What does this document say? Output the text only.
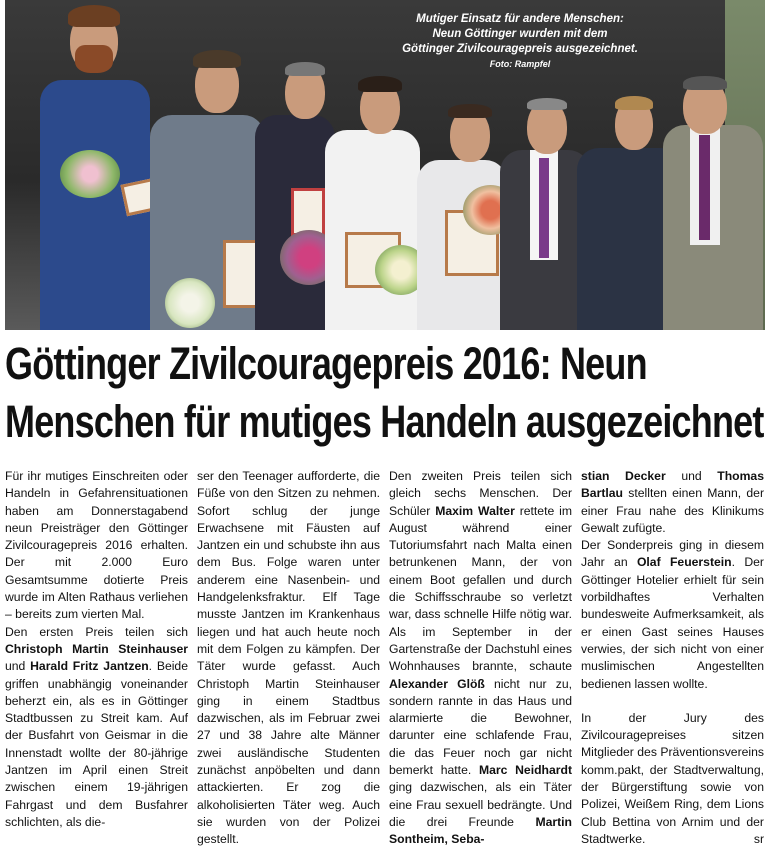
Mutiger Einsatz für andere Menschen:
Neun Göttinger wurden mit dem
Göttinger Zivilcouragepreis ausgezeichnet.
Foto: Rampfel
Göttinger Zivilcouragepreis 2016: Neun
Menschen für mutiges Handeln ausgezeichnet

Für ihr mutiges Einschreiten oder Handeln in Gefahrensituationen haben am Donnerstagabend neun Preisträger den Göttinger Zivilcouragepreis 2016 erhalten. Der mit 2.000 Euro Gesamtsumme dotierte Preis wurde im Alten Rathaus verliehen – bereits zum vierten Mal.

Den ersten Preis teilen sich Christoph Martin Steinhauser und Harald Fritz Jantzen. Beide griffen unabhängig voneinander beherzt ein, als es in Göttinger Stadtbussen zu Streit kam. Auf der Busfahrt von Geismar in die Innenstadt wollte der 80-jährige Jantzen im April einen Streit zwischen einem 19-jährigen Fahrgast und dem Busfahrer schlichten, als die-

ser den Teenager aufforderte, die Füße von den Sitzen zu nehmen. Sofort schlug der junge Erwachsene mit Fäusten auf Jantzen ein und schubste ihn aus dem Bus. Folge waren unter anderem eine Nasenbein- und Handgelenksfraktur. Elf Tage musste Jantzen im Krankenhaus liegen und hat auch heute noch mit dem Folgen zu kämpfen. Der Täter wurde gefasst. Auch Christoph Martin Steinhauser ging in einem Stadtbus dazwischen, als im Februar zwei 27 und 38 Jahre alte Männer zwei ausländische Studenten zunächst anpöbelten und dann attackierten. Er zog die alkoholisierten Täter weg. Auch sie wurden von der Polizei gestellt.

Den zweiten Preis teilen sich gleich sechs Menschen. Der Schüler Maxim Walter rettete im August während einer Tutoriumsfahrt nach Malta einen betrunkenen Mann, der von einem Boot gefallen und durch die Schiffsschraube so verletzt war, dass schnelle Hilfe nötig war. Als im September in der Gartenstraße der Dachstuhl eines Wohnhauses brannte, schaute Alexander Glöß nicht nur zu, sondern rannte in das Haus und alarmierte die Bewohner, darunter eine schlafende Frau, die das Feuer noch gar nicht bemerkt hatte. Marc Neidhardt ging dazwischen, als ein Täter eine Frau sexuell bedrängte. Und die drei Freunde Martin Sontheim, Seba-

stian Decker und Thomas Bartlau stellten einen Mann, der einer Frau nahe des Klinikums Gewalt zufügte.

Der Sonderpreis ging in diesem Jahr an Olaf Feuerstein. Der Göttinger Hotelier erhielt für sein vorbildhaftes Verhalten bundesweite Aufmerksamkeit, als er einen Gast seines Hauses verwies, der sich nicht von einer muslimischen Angestellten bedienen lassen wollte.

In der Jury des Zivilcouragepreises sitzen Mitglieder des Präventionsvereins komm.pakt, der Stadtverwaltung, der Bürgerstiftung sowie von Polizei, Weißem Ring, dem Lions Club Bettina von Arnim und der Stadtwerke.	sr
